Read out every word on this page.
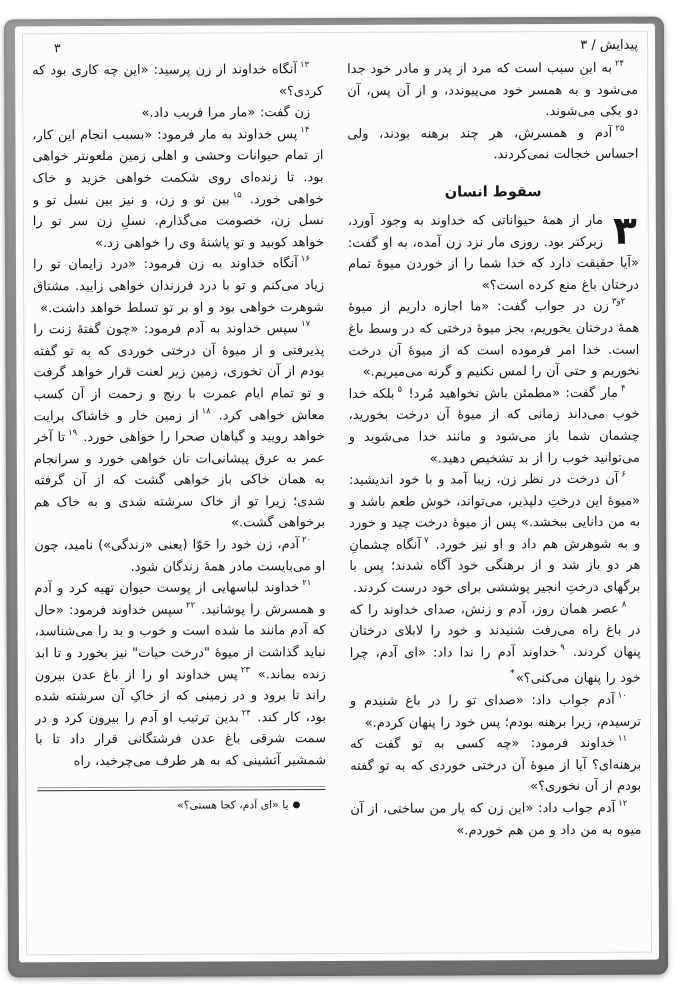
پیدایش / ۳

$^{۲۴}$به این سبب است که مرد از پدر و مادر خود جدا می‌شود و به همسر خود می‌پیوندد، و از آن پس، آن دو یکی می‌شوند.

$^{۲۵}$آدم و همسرش، هر چند برهنه بودند، ولی احساس خجالت نمی‌کردند.

سقوط انسان

۳
مار از همهٔ حیواناتی که خداوند به وجود آورد، زیرکتر بود. روزی مار نزد زن آمده، به او گفت: «آیا حقیقت دارد که خدا شما را از خوردن میوهٔ تمام درختان باغ منع کرده است؟»

$^{۲و۳}$زن در جواب گفت: «ما اجازه داریم از میوهٔ همهٔ درختان بخوریم، بجز میوهٔ درختی که در وسط باغ است. خدا امر فرموده است که از میوهٔ آن درخت نخوریم و حتی آن را لمس نکنیم و گرنه می‌میریم.»

$^۴$مار گفت: «مطمئن باش نخواهید مُرد! $^۵$بلکه خدا خوب می‌داند زمانی که از میوهٔ آن درخت بخورید، چشمان شما باز می‌شود و مانند خدا می‌شوید و می‌توانید خوب را از بد تشخیص دهید.»

$^۶$آن درخت در نظر زن، زیبا آمد و با خود اندیشید: «میوهٔ این درختِ دلپذیر، می‌تواند، خوش طعم باشد و به من دانایی ببخشد.» پس از میوهٔ درخت چید و خورد و به شوهرش هم داد و او نیز خورد. $^۷$آنگاه چشمانِ هر دو باز شد و از برهنگی خود آگاه شدند؛ پس با برگهای درختِ انجیر پوششی برای خود درست کردند.

$^۸$عصر همان روز، آدم و زنش، صدای خداوند را که در باغ راه می‌رفت شنیدند و خود را لابلای درختان پنهان کردند. $^۹$خداوند آدم را ندا داد: «ای آدم، چرا خود را پنهان می‌کنی؟»*

$^{۱۰}$آدم جواب داد: «صدای تو را در باغ شنیدم و ترسیدم، زیرا برهنه بودم؛ پس خود را پنهان کردم.»

$^{۱۱}$خداوند فرمود: «چه کسی به تو گفت که برهنه‌ای؟ آیا از میوهٔ آن درختی خوردی که به تو گفته بودم از آن نخوری؟»

$^{۱۲}$آدم جواب داد: «این زن که یار من ساختی، از آن میوه به من داد و من هم خوردم.»

۳

$^{۱۳}$آنگاه خداوند از زن پرسید: «این چه کاری بود که کردی؟»

زن گفت: «مار مرا فریب داد.»

$^{۱۴}$پس خداوند به مار فرمود: «بسبب انجام این کار، از تمام حیوانات وحشی و اهلی زمین ملعونتر خواهی بود. تا زنده‌ای روی شکمت خواهی خزید و خاک خواهی خورد. $^{۱۵}$بین تو و زن، و نیز بین نسل تو و نسل زن، خصومت می‌گذارم. نسلِ زن سر تو را خواهد کوبید و تو پاشنهٔ وی را خواهی زد.»

$^{۱۶}$آنگاه خداوند به زن فرمود: «درد زایمان تو را زیاد می‌کنم و تو با درد فرزندان خواهی زایید. مشتاق شوهرت خواهی بود و او بر تو تسلط خواهد داشت.»

$^{۱۷}$سپس خداوند به آدم فرمود: «چون گفتهٔ زنت را پذیرفتی و از میوهٔ آن درختی خوردی که به تو گفته بودم از آن نخوری، زمین زیر لعنت قرار خواهد گرفت و تو تمام ایام عمرت با رنج و زحمت از آن کسب معاش خواهی کرد. $^{۱۸}$از زمین خار و خاشاک برایت خواهد رویید و گیاهان صحرا را خواهی خورد. $^{۱۹}$تا آخر عمر به عرق پیشانی‌ات نان خواهی خورد و سرانجام به همان خاکی باز خواهی گشت که از آن گرفته شدی؛ زیرا تو از خاک سرشته شدی و به خاک هم برخواهی گشت.»

$^{۲۰}$آدم، زن خود را حَوّا (یعنی «زندگی») نامید، چون او می‌بایست مادر همهٔ زندگان شود.

$^{۲۱}$خداوند لباسهایی از پوست حیوان تهیه کرد و آدم و همسرش را پوشانید. $^{۲۲}$سپس خداوند فرمود: «حال که آدم مانند ما شده است و خوب و بد را می‌شناسد، نباید گذاشت از میوهٔ "درخت حیات" نیز بخورد و تا ابد زنده بماند.» $^{۲۳}$پس خداوند او را از باغ عدن بیرون راند تا برود و در زمینی که از خاکِ آن سرشته شده بود، کار کند. $^{۲۴}$بدین ترتیب او آدم را بیرون کرد و در سمت شرقی باغ عدن فرشتگانی قرار داد تا با شمشیر آتشینی که به هر طرف می‌چرخید، راه

●یا «ای آدم، کجا هستی؟»
